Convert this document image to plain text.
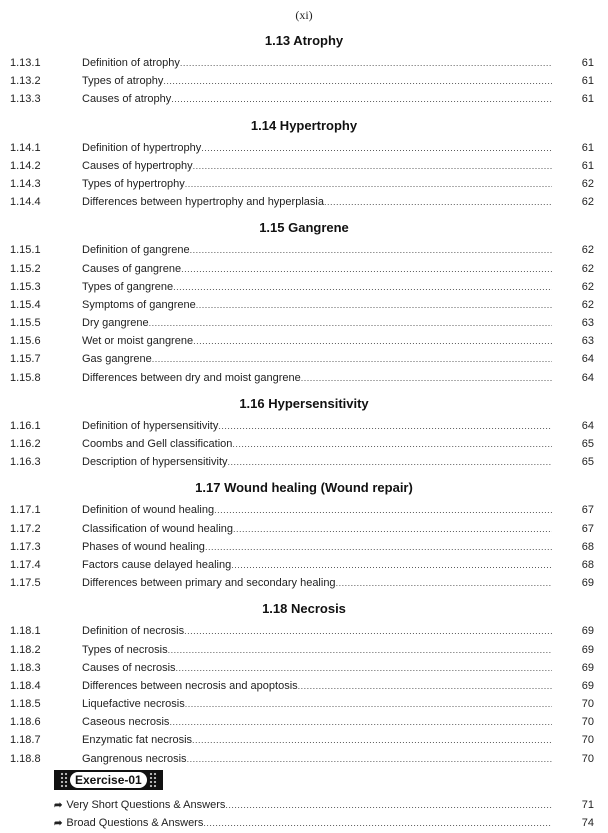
(xi)
1.13 Atrophy
1.13.1	Definition of atrophy .....	61
1.13.2	Types of atrophy .....	61
1.13.3	Causes of atrophy .....	61
1.14 Hypertrophy
1.14.1	Definition of hypertrophy .....	61
1.14.2	Causes of hypertrophy .....	61
1.14.3	Types of hypertrophy .....	62
1.14.4	Differences between hypertrophy and hyperplasia .....	62
1.15 Gangrene
1.15.1	Definition of gangrene .....	62
1.15.2	Causes of gangrene .....	62
1.15.3	Types of gangrene .....	62
1.15.4	Symptoms of gangrene .....	62
1.15.5	Dry gangrene .....	63
1.15.6	Wet or moist gangrene .....	63
1.15.7	Gas gangrene .....	64
1.15.8	Differences between dry and moist gangrene .....	64
1.16 Hypersensitivity
1.16.1	Definition of hypersensitivity .....	64
1.16.2	Coombs and Gell classification .....	65
1.16.3	Description of hypersensitivity .....	65
1.17 Wound healing (Wound repair)
1.17.1	Definition of wound healing .....	67
1.17.2	Classification of wound healing .....	67
1.17.3	Phases of wound healing .....	68
1.17.4	Factors cause delayed healing .....	68
1.17.5	Differences between primary and secondary healing .....	69
1.18 Necrosis
1.18.1	Definition of necrosis .....	69
1.18.2	Types of necrosis .....	69
1.18.3	Causes of necrosis .....	69
1.18.4	Differences between necrosis and apoptosis .....	69
1.18.5	Liquefactive necrosis .....	70
1.18.6	Caseous necrosis .....	70
1.18.7	Enzymatic fat necrosis .....	70
1.18.8	Gangrenous necrosis .....	70
Exercise-01
➦ Very Short Questions & Answers .....	71
➦ Broad Questions & Answers .....	74
